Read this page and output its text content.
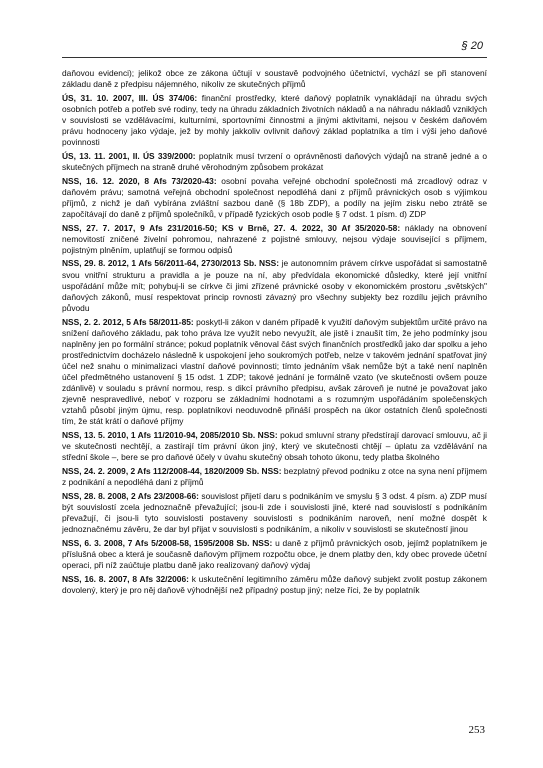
§ 20

daňovou evidenci); jelikož obce ze zákona účtují v soustavě podvojného účetnictví, vychází se při stanovení základu daně z předpisu nájemného, nikoliv ze skutečných příjmů

ÚS, 31. 10. 2007, III. ÚS 374/06: finanční prostředky, které daňový poplatník vynakládají na úhradu svých osobních potřeb a potřeb své rodiny, tedy na úhradu základních životních nákladů a na náhradu nákladů vzniklých v souvislosti se vzdělávacími, kulturními, sportovními činnostmi a jinými aktivitami, nejsou v českém daňovém právu hodnoceny jako výdaje, jež by mohly jakkoliv ovlivnit daňový základ poplatníka a tím i výši jeho daňové povinnosti

ÚS, 13. 11. 2001, II. ÚS 339/2000: poplatník musí tvrzení o oprávněnosti daňových výdajů na straně jedné a o skutečných příjmech na straně druhé věrohodným způsobem prokázat

NSS, 16. 12. 2020, 8 Afs 73/2020-43: osobní povaha veřejné obchodní společnosti má zrcadlový odraz v daňovém právu; samotná veřejná obchodní společnost nepodléhá dani z příjmů právnických osob s výjimkou příjmů, z nichž je daň vybírána zvláštní sazbou daně (§ 18b ZDP), a podíly na jejím zisku nebo ztrátě se započítávají do daně z příjmů společníků, v případě fyzických osob podle § 7 odst. 1 písm. d) ZDP

NSS, 27. 7. 2017, 9 Afs 231/2016-50; KS v Brně, 27. 4. 2022, 30 Af 35/2020-58: náklady na obnovení nemovitostí zničené živelní pohromou, nahrazené z pojistné smlouvy, nejsou výdaje související s příjmem, pojistným plněním, uplatňují se formou odpisů

NSS, 29. 8. 2012, 1 Afs 56/2011-64, 2730/2013 Sb. NSS: je autonomním právem církve uspořádat si samostatně svou vnitřní strukturu a pravidla a je pouze na ní, aby předvídala ekonomické důsledky, které její vnitřní uspořádání může mít; pohybuj-li se církve či jimi zřízené právnické osoby v ekonomickém prostoru „světských" daňových zákonů, musí respektovat princip rovnosti závazný pro všechny subjekty bez rozdílu jejich právního původu

NSS, 2. 2. 2012, 5 Afs 58/2011-85: poskytl-li zákon v daném případě k využití daňovým subjektům určité právo na snížení daňového základu, pak toho práva lze využít nebo nevyužít, ale jistě i znaušít tím, že jeho podmínky jsou naplněny jen po formální stránce; pokud poplatník věnoval část svých finančních prostředků jako dar spolku a jeho prostřednictvím docházelo následně k uspokojení jeho soukromých potřeb, nelze v takovém jednání spatřovat jiný účel než snahu o minimalizaci vlastní daňové povinnosti; tímto jednáním však nemůže být a také není naplněn účel předmětného ustanovení § 15 odst. 1 ZDP; takové jednání je formálně vzato (ve skutečnosti ovšem pouze zdánlivě) v souladu s právní normou, resp. s dikcí právního předpisu, avšak zároveň je nutné je považovat jako zjevně nespravedlivé, neboť v rozporu se základními hodnotami a s rozumným uspořádáním společenských vztahů působí jiným újmu, resp. poplatníkovi neoduvodně přináší prospěch na úkor ostatních členů společnosti tím, že stát krátí o daňové příjmy

NSS, 13. 5. 2010, 1 Afs 11/2010-94, 2085/2010 Sb. NSS: pokud smluvní strany předstírají darovací smlouvu, ač ji ve skutečnosti nechtějí, a zastírají tím právní úkon jiný, který ve skutečnosti chtějí – úplatu za vzdělávání na střední škole –, bere se pro daňové účely v úvahu skutečný obsah tohoto úkonu, tedy platba školného

NSS, 24. 2. 2009, 2 Afs 112/2008-44, 1820/2009 Sb. NSS: bezplatný převod podniku z otce na syna není příjmem z podnikání a nepodléhá dani z příjmů

NSS, 28. 8. 2008, 2 Afs 23/2008-66: souvislost přijetí daru s podnikáním ve smyslu § 3 odst. 4 písm. a) ZDP musí být souvislostí zcela jednoznačně převažující; jsou-li zde i souvislosti jiné, které nad souvislostí s podnikáním převažují, či jsou-li tyto souvislosti postaveny souvislosti s podnikáním naroveň, není možné dospět k jednoznačnému závěru, že dar byl přijat v souvislosti s podnikáním, a nikoliv v souvislosti se skutečností jinou

NSS, 6. 3. 2008, 7 Afs 5/2008-58, 1595/2008 Sb. NSS: u daně z příjmů právnických osob, jejímž poplatníkem je příslušná obec a která je současně daňovým příjmem rozpočtu obce, je dnem platby den, kdy obec provede účetní operaci, při níž zaúčtuje platbu daně jako realizovaný daňový výdaj

NSS, 16. 8. 2007, 8 Afs 32/2006: k uskutečnění legitimního záměru může daňový subjekt zvolit postup zákonem dovolený, který je pro něj daňově výhodnější než případný postup jiný; nelze říci, že by poplatník

253
